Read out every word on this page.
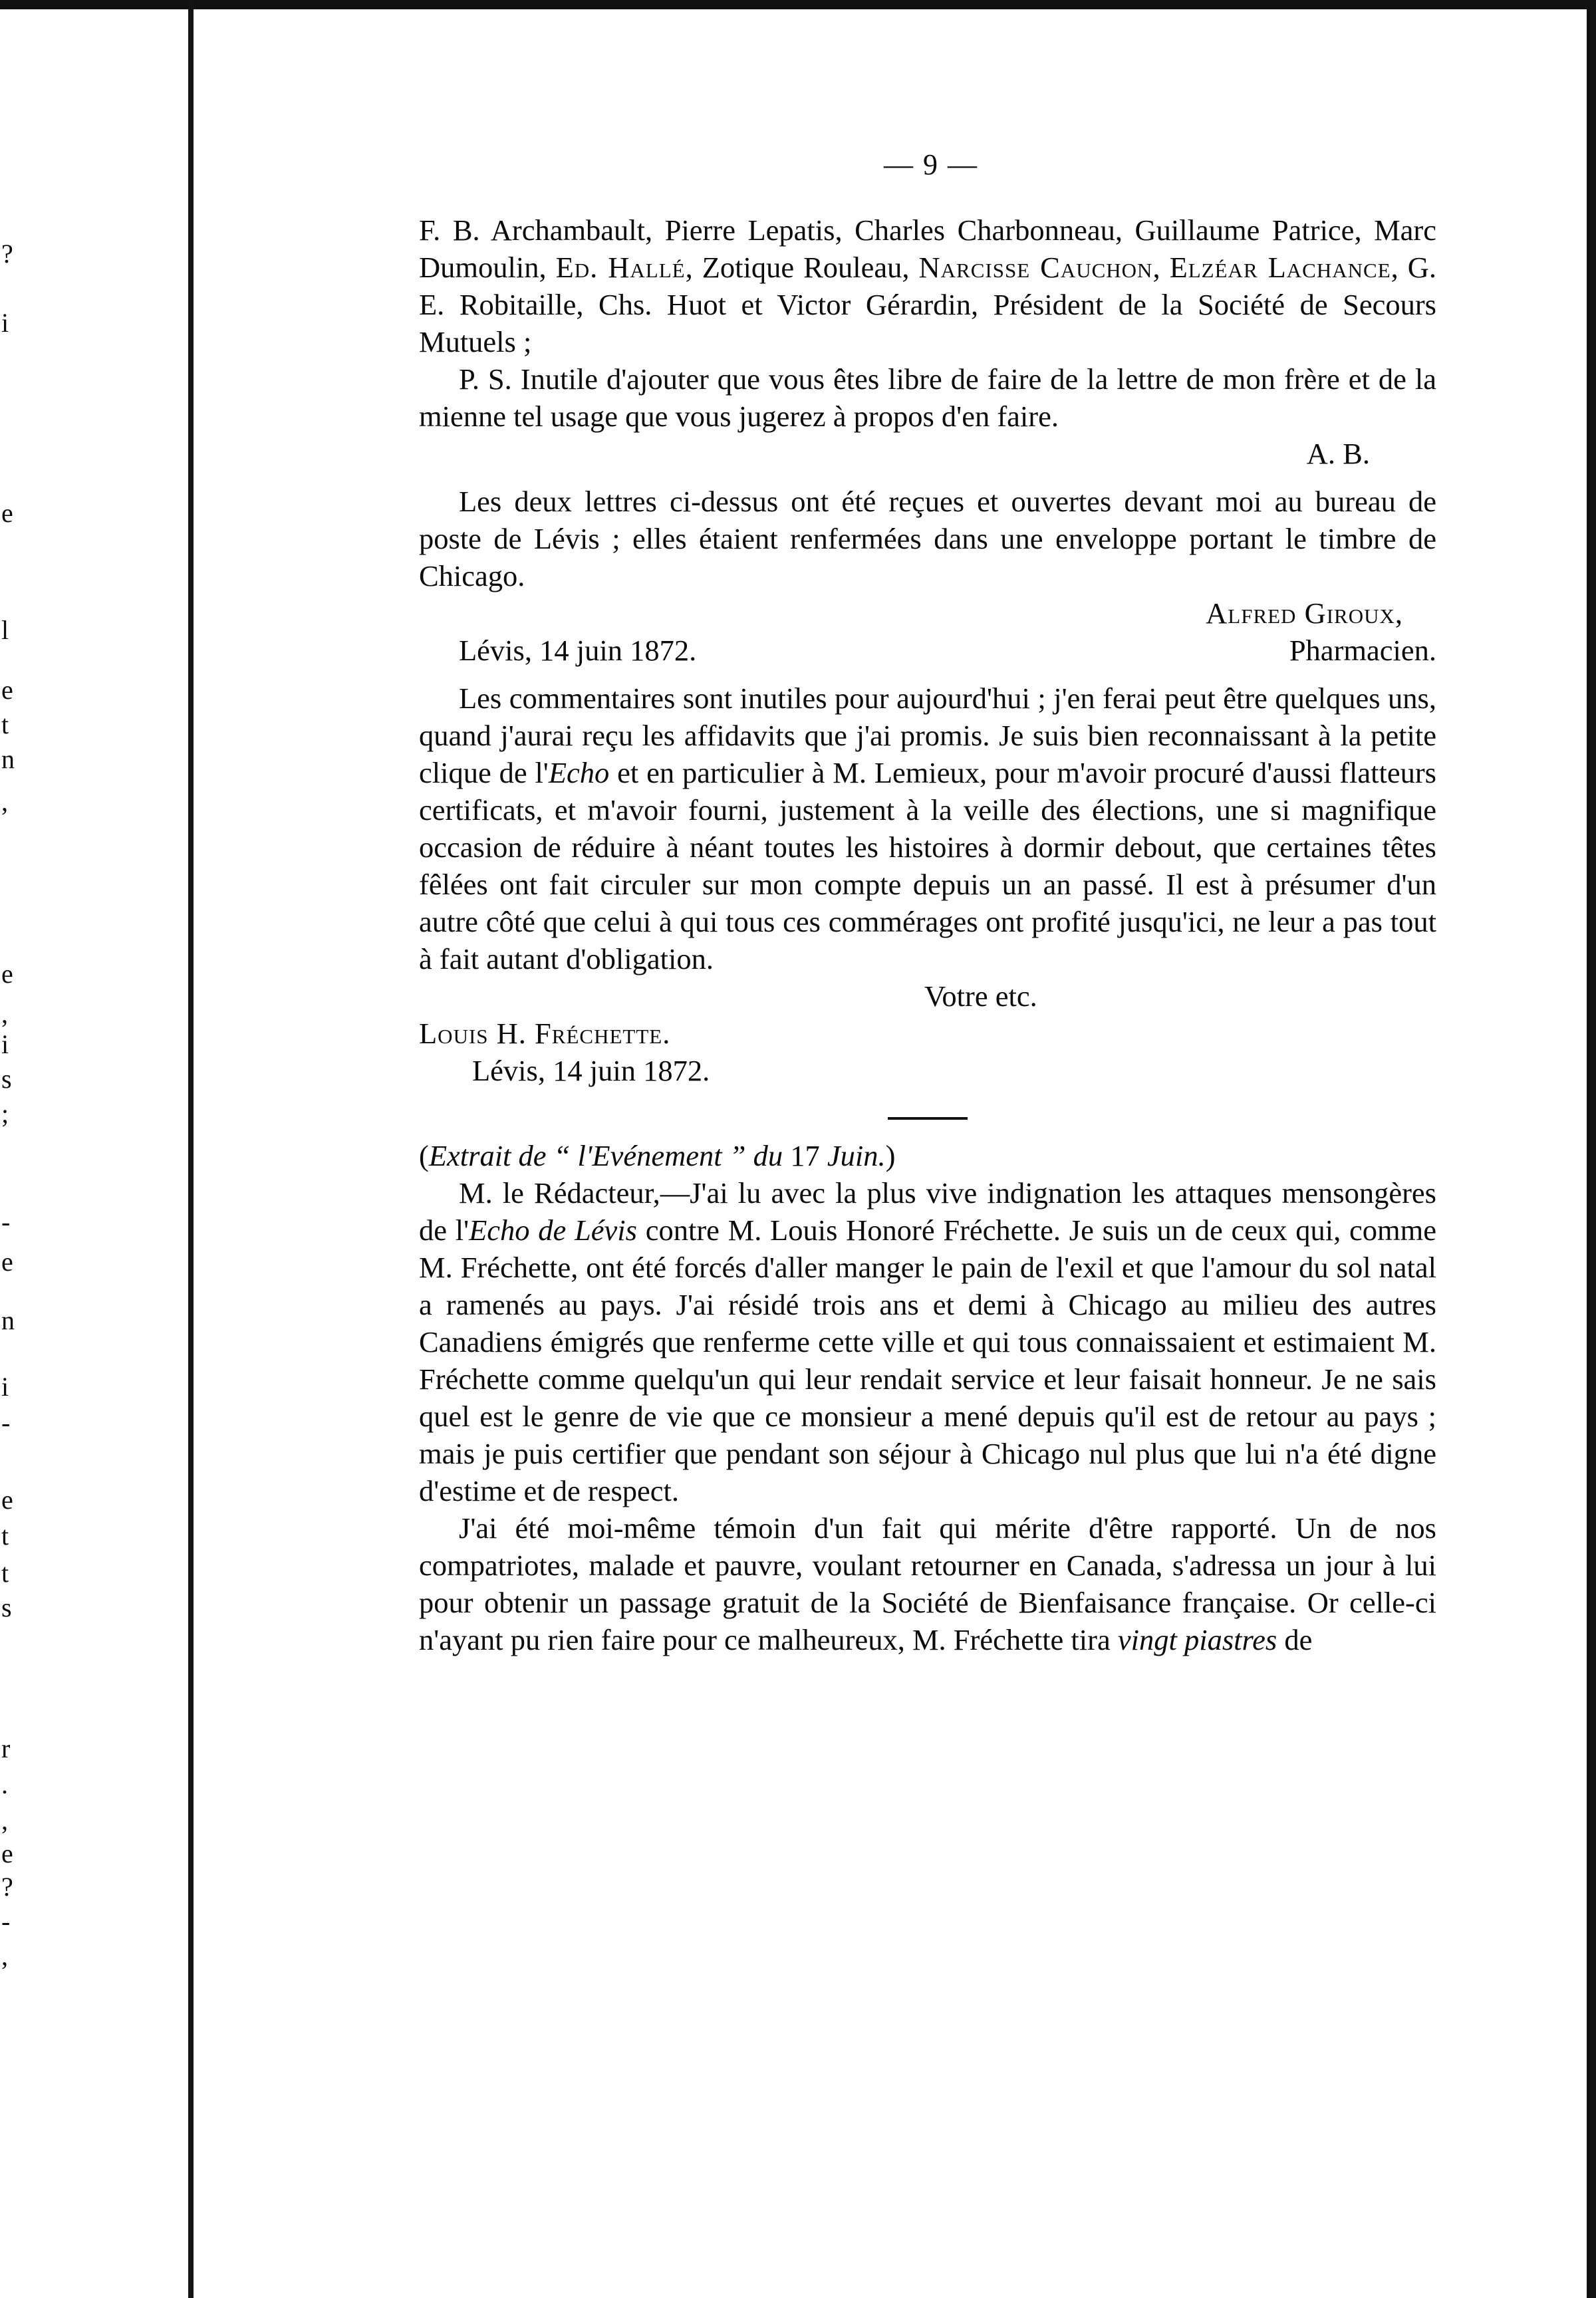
?
i
e
l
e
t
n
,
e
,
i
s
;
-
e
n
i
-
e
t
t
s
r
.
,
e
?
-
,
— 9 —

F. B. Archambault, Pierre Lepatis, Charles Charbonneau, Guillaume Patrice, Marc Dumoulin, Ed. Hallé, Zotique Rouleau, Narcisse Cauchon, Elzéar Lachance, G. E. Robitaille, Chs. Huot et Victor Gérardin, Président de la Société de Secours Mutuels ;

P. S. Inutile d'ajouter que vous êtes libre de faire de la lettre de mon frère et de la mienne tel usage que vous jugerez à propos d'en faire.

A. B.

Les deux lettres ci-dessus ont été reçues et ouvertes devant moi au bureau de poste de Lévis ; elles étaient renfermées dans une enveloppe portant le timbre de Chicago.

Alfred Giroux,

Lévis, 14 juin 1872.	Pharmacien.

Les commentaires sont inutiles pour aujourd'hui ; j'en ferai peut être quelques uns, quand j'aurai reçu les affidavits que j'ai promis. Je suis bien reconnaissant à la petite clique de l'Echo et en particulier à M. Lemieux, pour m'avoir procuré d'aussi flatteurs certificats, et m'avoir fourni, justement à la veille des élections, une si magnifique occasion de réduire à néant toutes les histoires à dormir debout, que certaines têtes fêlées ont fait circuler sur mon compte depuis un an passé. Il est à présumer d'un autre côté que celui à qui tous ces commérages ont profité jusqu'ici, ne leur a pas tout à fait autant d'obligation.

Votre etc.

Louis H. Fréchette.

Lévis, 14 juin 1872.

(Extrait de “ l'Evénement ” du 17 Juin.)

M. le Rédacteur,—J'ai lu avec la plus vive indignation les attaques mensongères de l'Echo de Lévis contre M. Louis Honoré Fréchette. Je suis un de ceux qui, comme M. Fréchette, ont été forcés d'aller manger le pain de l'exil et que l'amour du sol natal a ramenés au pays. J'ai résidé trois ans et demi à Chicago au milieu des autres Canadiens émigrés que renferme cette ville et qui tous connaissaient et estimaient M. Fréchette comme quelqu'un qui leur rendait service et leur faisait honneur. Je ne sais quel est le genre de vie que ce monsieur a mené depuis qu'il est de retour au pays ; mais je puis certifier que pendant son séjour à Chicago nul plus que lui n'a été digne d'estime et de respect.

J'ai été moi-même témoin d'un fait qui mérite d'être rapporté. Un de nos compatriotes, malade et pauvre, voulant retourner en Canada, s'adressa un jour à lui pour obtenir un passage gratuit de la Société de Bienfaisance française. Or celle-ci n'ayant pu rien faire pour ce malheureux, M. Fréchette tira vingt piastres de
